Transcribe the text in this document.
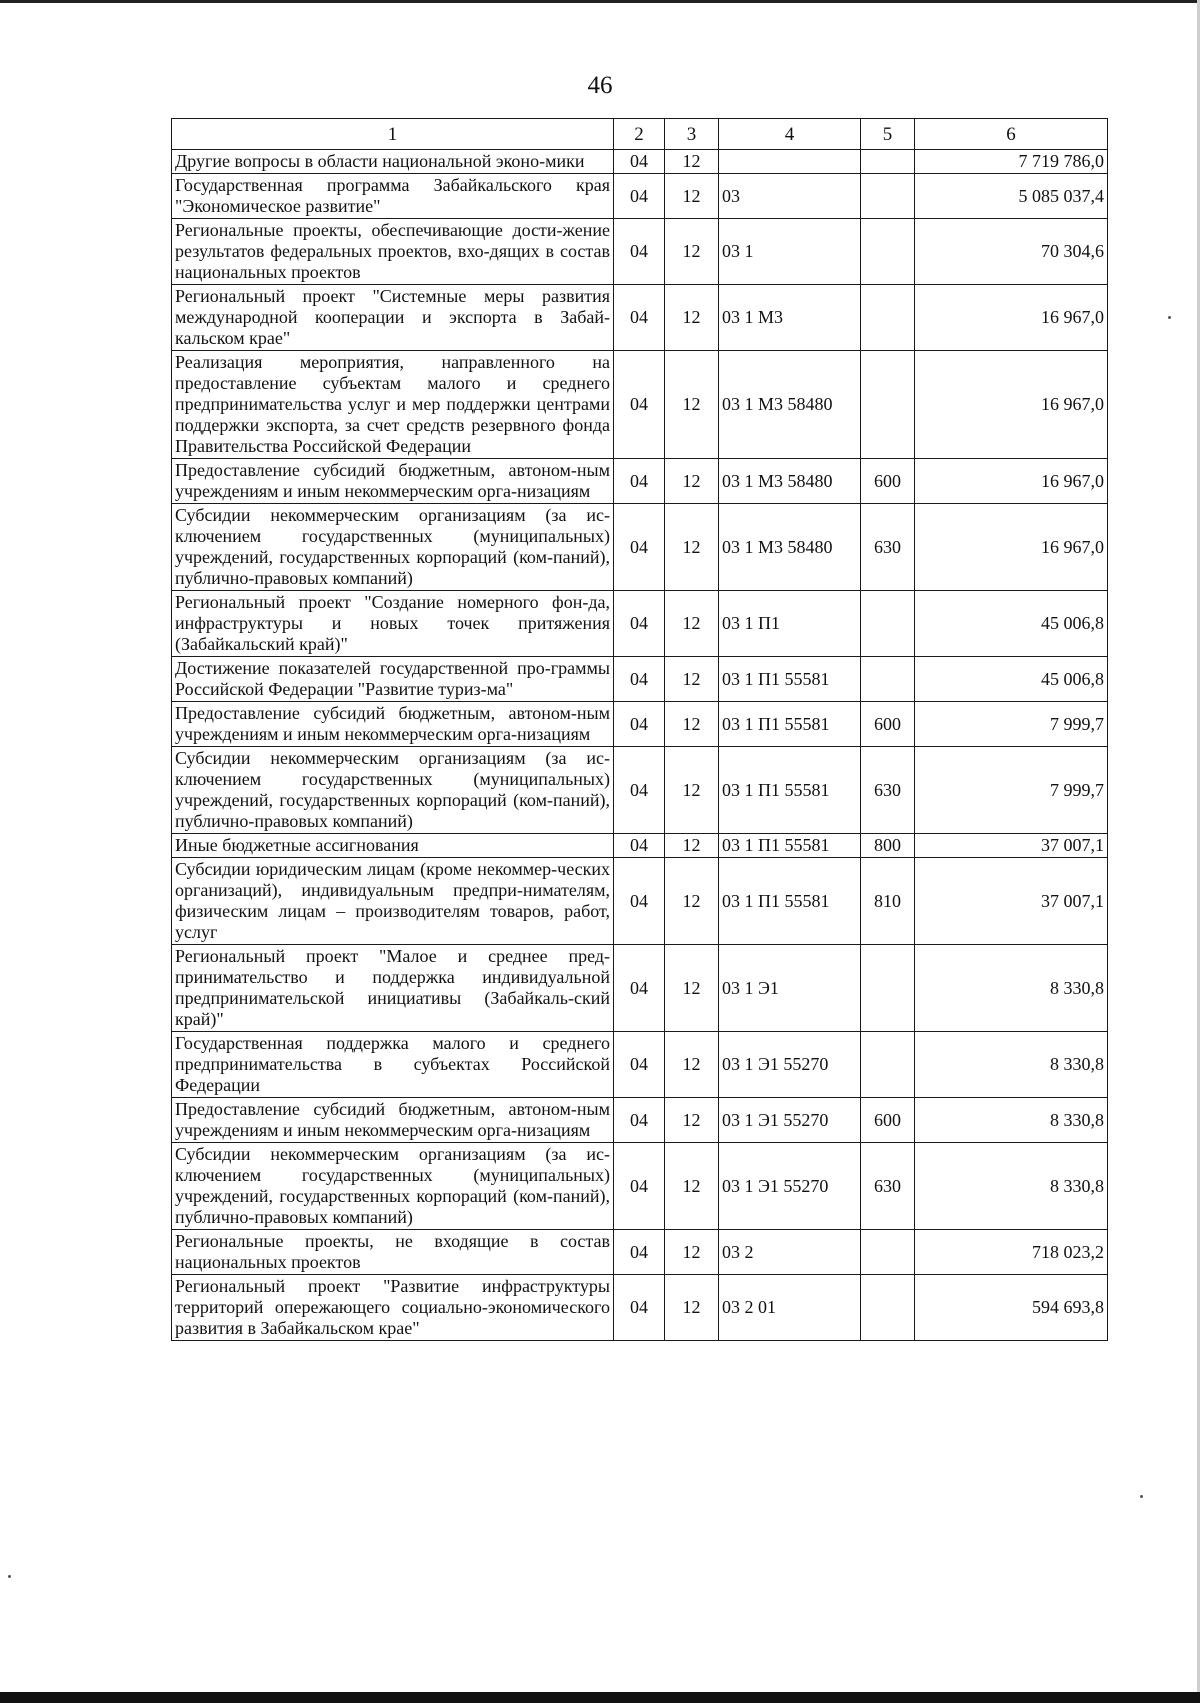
46
1	2	3	4	5	6
Другие вопросы в области национальной эконо-мики	04	12			7 719 786,0
Государственная программа Забайкальского края "Экономическое развитие"	04	12	03		5 085 037,4
Региональные проекты, обеспечивающие дости-жение результатов федеральных проектов, вхо-дящих в состав национальных проектов	04	12	03 1		70 304,6
Региональный проект "Системные меры развития международной кооперации и экспорта в Забай-кальском крае"	04	12	03 1 М3		16 967,0
Реализация мероприятия, направленного на предоставление субъектам малого и среднего предпринимательства услуг и мер поддержки центрами поддержки экспорта, за счет средств резервного фонда Правительства Российской Федерации	04	12	03 1 М3 58480		16 967,0
Предоставление субсидий бюджетным, автоном-ным учреждениям и иным некоммерческим орга-низациям	04	12	03 1 М3 58480	600	16 967,0
Субсидии некоммерческим организациям (за ис-ключением государственных (муниципальных) учреждений, государственных корпораций (ком-паний), публично-правовых компаний)	04	12	03 1 М3 58480	630	16 967,0
Региональный проект "Создание номерного фон-да, инфраструктуры и новых точек притяжения (Забайкальский край)"	04	12	03 1 П1		45 006,8
Достижение показателей государственной про-граммы Российской Федерации "Развитие туриз-ма"	04	12	03 1 П1 55581		45 006,8
Предоставление субсидий бюджетным, автоном-ным учреждениям и иным некоммерческим орга-низациям	04	12	03 1 П1 55581	600	7 999,7
Субсидии некоммерческим организациям (за ис-ключением государственных (муниципальных) учреждений, государственных корпораций (ком-паний), публично-правовых компаний)	04	12	03 1 П1 55581	630	7 999,7
Иные бюджетные ассигнования	04	12	03 1 П1 55581	800	37 007,1
Субсидии юридическим лицам (кроме некоммер-ческих организаций), индивидуальным предпри-нимателям, физическим лицам – производителям товаров, работ, услуг	04	12	03 1 П1 55581	810	37 007,1
Региональный проект "Малое и среднее пред-принимательство и поддержка индивидуальной предпринимательской инициативы (Забайкаль-ский край)"	04	12	03 1 Э1		8 330,8
Государственная поддержка малого и среднего предпринимательства в субъектах Российской Федерации	04	12	03 1 Э1 55270		8 330,8
Предоставление субсидий бюджетным, автоном-ным учреждениям и иным некоммерческим орга-низациям	04	12	03 1 Э1 55270	600	8 330,8
Субсидии некоммерческим организациям (за ис-ключением государственных (муниципальных) учреждений, государственных корпораций (ком-паний), публично-правовых компаний)	04	12	03 1 Э1 55270	630	8 330,8
Региональные проекты, не входящие в состав национальных проектов	04	12	03 2		718 023,2
Региональный проект "Развитие инфраструктуры территорий опережающего социально-экономического развития в Забайкальском крае"	04	12	03 2 01		594 693,8
